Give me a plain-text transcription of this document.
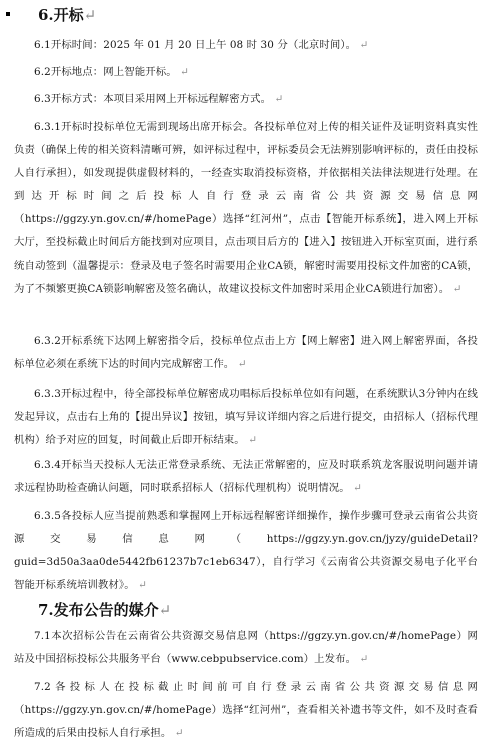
6.开标↵
6.1开标时间：2025 年 01 月 20 日上午 08 时 30 分（北京时间）。 ↵
6.2开标地点：网上智能开标。 ↵
6.3开标方式：本项目采用网上开标远程解密方式。 ↵
6.3.1开标时投标单位无需到现场出席开标会。各投标单位对上传的相关证件及证明资料真实性负责（确保上传的相关资料清晰可辨，如评标过程中，评标委员会无法辨别影响评标的，责任由投标人自行承担），如发现提供虚假材料的，一经查实取消投标资格，并依据相关法律法规进行处理。在到达开标时间之后投标人自行登录云南省公共资源交易信息网（https://ggzy.yn.gov.cn/#/homePage）选择“红河州”，点击【智能开标系统】，进入网上开标大厅，至投标截止时间后方能找到对应项目，点击项目后方的【进入】按钮进入开标室页面，进行系统自动签到（温馨提示：登录及电子签名时需要用企业CA锁，解密时需要用投标文件加密的CA锁，为了不频繁更换CA锁影响解密及签名确认，故建议投标文件加密时采用企业CA锁进行加密）。 ↵
6.3.2开标系统下达网上解密指令后，投标单位点击上方【网上解密】进入网上解密界面，各投标单位必须在系统下达的时间内完成解密工作。 ↵
6.3.3开标过程中，待全部投标单位解密成功唱标后投标单位如有问题，在系统默认3分钟内在线发起异议，点击右上角的【提出异议】按钮，填写异议详细内容之后进行提交，由招标人（招标代理机构）给予对应的回复，时间截止后即开标结束。 ↵
6.3.4开标当天投标人无法正常登录系统、无法正常解密的，应及时联系筑龙客服说明问题并请求远程协助检查确认问题，同时联系招标人（招标代理机构）说明情况。 ↵
6.3.5各投标人应当提前熟悉和掌握网上开标远程解密详细操作，操作步骤可登录云南省公共资源交易信息网（https://ggzy.yn.gov.cn/jyzy/guideDetail?guid=3d50a3aa0de5442fb61237b7c1eb6347），自行学习《云南省公共资源交易电子化平台智能开标系统培训教材》。 ↵
7.发布公告的媒介↵
7.1本次招标公告在云南省公共资源交易信息网（https://ggzy.yn.gov.cn/#/homePage）网站及中国招标投标公共服务平台（www.cebpubservice.com）上发布。 ↵
7.2各投标人在投标截止时间前可自行登录云南省公共资源交易信息网（https://ggzy.yn.gov.cn/#/homePage）选择“红河州”，查看相关补遗书等文件，如不及时查看所造成的后果由投标人自行承担。 ↵
